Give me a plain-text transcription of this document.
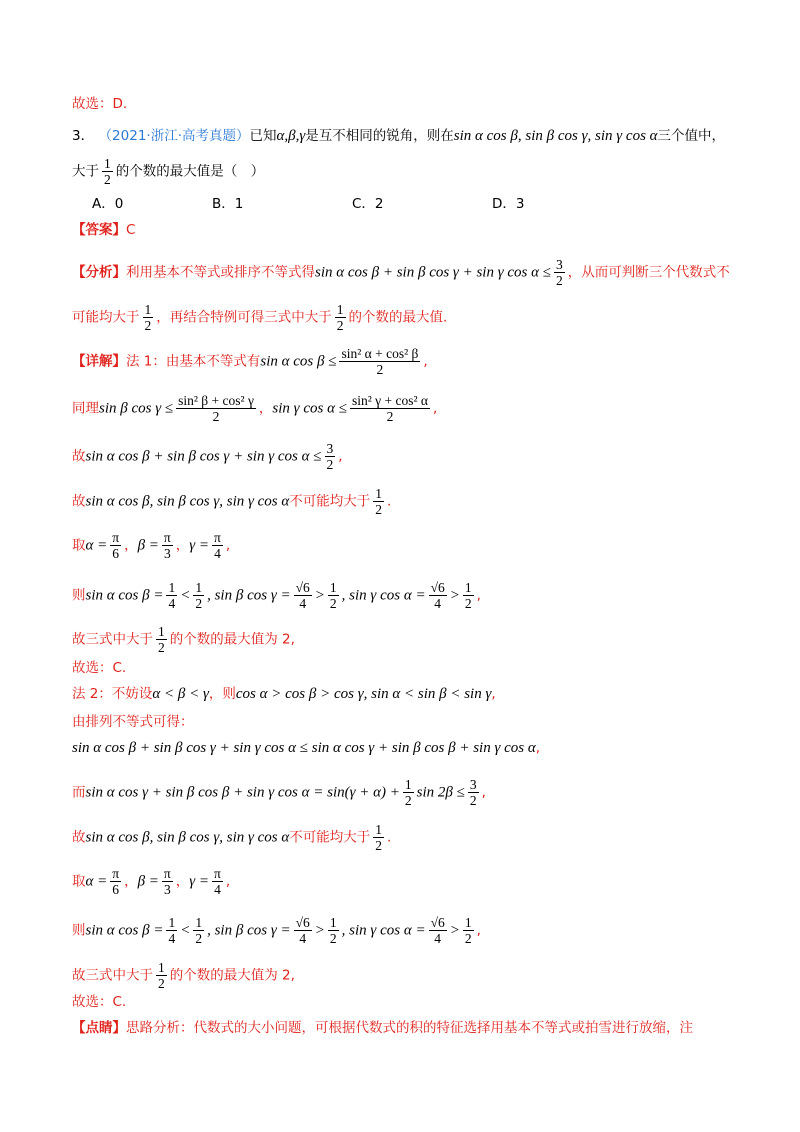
故选：D.
3． （2021·浙江·高考真题）已知α,β,γ是互不相同的锐角，则在sin α cos β, sin β cos γ, sin γ cos α三个值中，
大于 $\frac{1}{2}$ 的个数的最大值是（　）
A．0	B．1	C．2	D．3
【答案】C
【分析】利用基本不等式或排序不等式得sin α cos β + sin β cos γ + sin γ $\cos \alpha \le \frac{3}{2}$ ，从而可判断三个代数式不
可能均大于 $\frac{1}{2}$ ，再结合特例可得三式中大于 $\frac{1}{2}$ 的个数的最大值.
【详解】法 1：由基本不等式有sin α $\cos \beta \le \frac{\text{sin² α + cos² β}}{2}$ ,
同理sin β $\cos \gamma \le \frac{\text{sin² β + cos² γ}}{2}$ ，sin γ $\cos \alpha \le \frac{\text{sin² γ + cos² α}}{2}$ ,
故sin α cos β + sin β cos γ + sin γ $\cos \alpha \le \frac{3}{2}$ ,
故sin α cos β, sin β cos γ, sin γ cos α不可能均大于 $\frac{1}{2}$ .
取$\alpha = \frac{\pi}{6}$ ，$\beta = \frac{\pi}{3}$ ，$\gamma = \frac{\pi}{4}$ ,
则sin α $\cos \beta = \frac{1}{4} < \frac{1}{2}$ , sin β $\cos \gamma = \frac{√6}{4} > \frac{1}{2}$ , sin γ $\cos \alpha = \frac{√6}{4} > \frac{1}{2}$ ,
故三式中大于 $\frac{1}{2}$ 的个数的最大值为 2,
故选：C.
法 2：不妨设α < β < γ，则cos α > cos β > cos γ, sin α < sin β < sin γ,
由排列不等式可得：
sin α cos β + sin β cos γ + sin γ cos α ≤ sin α cos γ + sin β cos β + sin γ cos α,
而sin α cos γ + sin β cos β + sin γ $\cos \alpha = \sin(\gamma + \alpha) + \frac{1}{2}$ $\sin 2\beta \le \frac{3}{2}$ ,
故sin α cos β, sin β cos γ, sin γ cos α不可能均大于 $\frac{1}{2}$ .
取$\alpha = \frac{\pi}{6}$ ，$\beta = \frac{\pi}{3}$ ，$\gamma = \frac{\pi}{4}$ ,
则sin α $\cos \beta = \frac{1}{4} < \frac{1}{2}$ , sin β $\cos \gamma = \frac{√6}{4} > \frac{1}{2}$ , sin γ $\cos \alpha = \frac{√6}{4} > \frac{1}{2}$ ,
故三式中大于 $\frac{1}{2}$ 的个数的最大值为 2,
故选：C.
【点睛】思路分析：代数式的大小问题，可根据代数式的积的特征选择用基本不等式或拍雪进行放缩，注
